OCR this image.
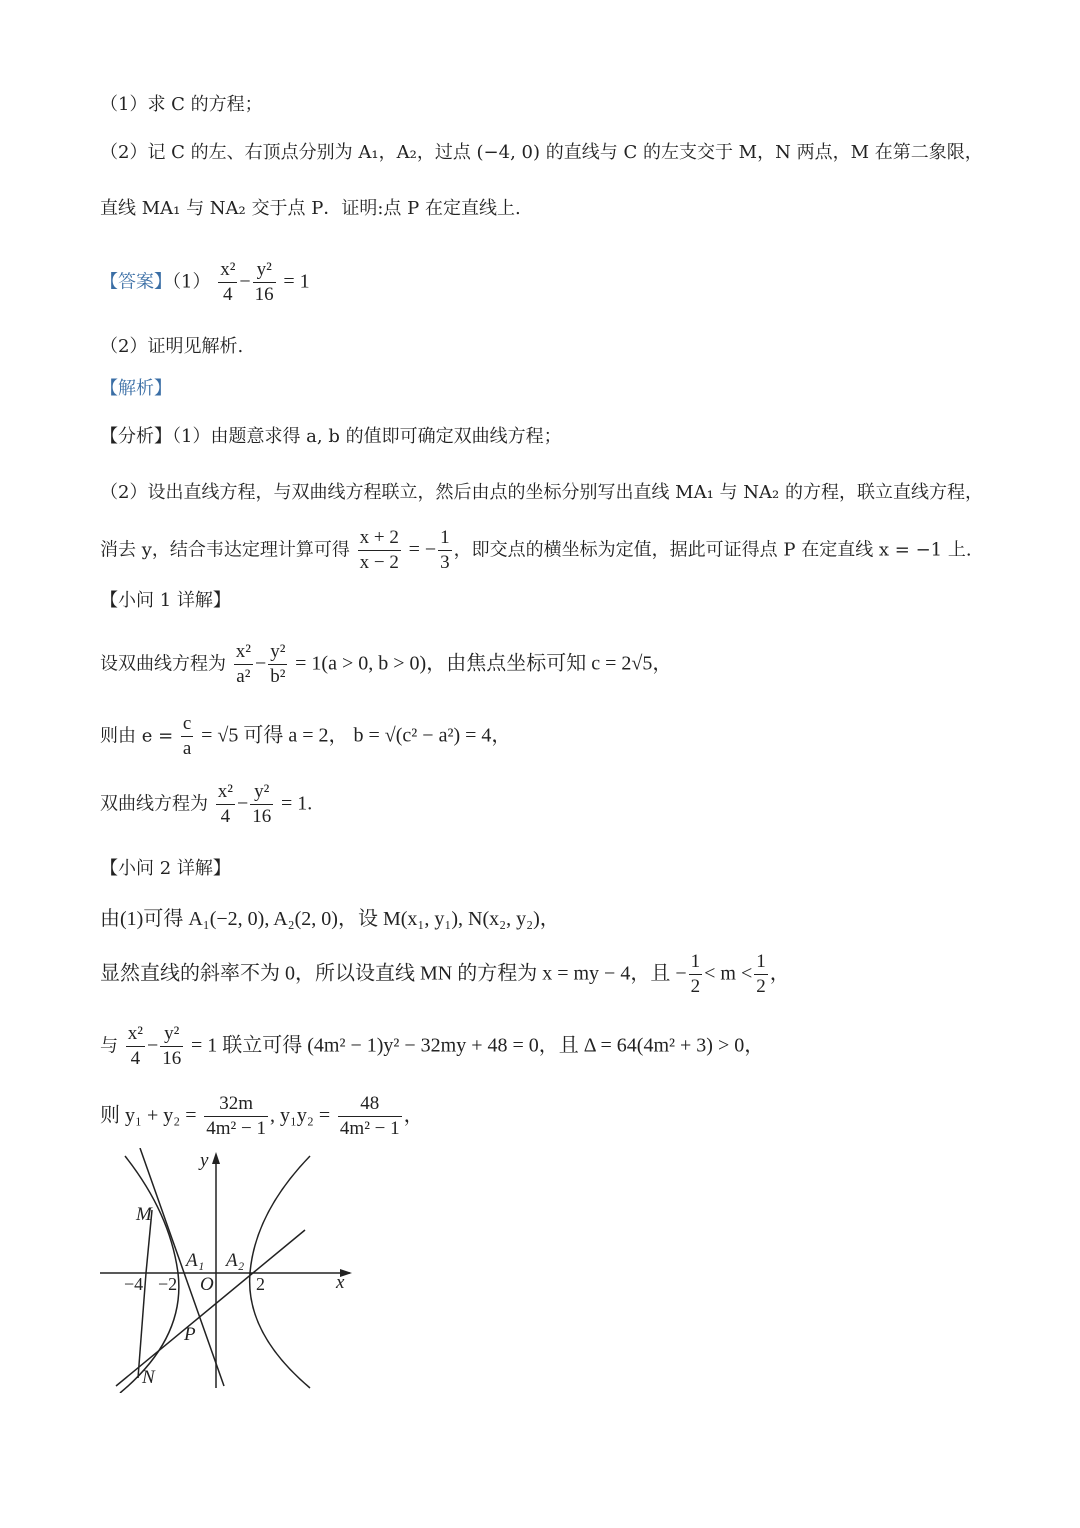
（1）求 C 的方程；
（2）记 C 的左、右顶点分别为 A₁，A₂，过点 (−4, 0) 的直线与 C 的左支交于 M，N 两点，M 在第二象限，
直线 MA₁ 与 NA₂ 交于点 P．证明:点 P 在定直线上.
【答案】$(1) \frac{\text{x²}}{4} - \frac{\text{y²}}{16} = 1$
（2）证明见解析.
【解析】
【分析】（1）由题意求得 a, b 的值即可确定双曲线方程；
（2）设出直线方程，与双曲线方程联立，然后由点的坐标分别写出直线 MA₁ 与 NA₂ 的方程，联立直线方程，
消去 y，结合韦达定理计算可得 $\frac{x + 2}{x - 2}$ = − $\frac{1}{3}$ ，即交点的横坐标为定值，据此可证得点 P 在定直线 x = −1 上.
【小问 1 详解】
设双曲线方程为 $\frac{\text{x²}}{\text{a²}} - \frac{\text{y²}}{\text{b²}} = 1(a > 0$, b > 0)，由焦点坐标可知 c = 2√5，
则由 $e = \frac{c}{a} = √5$ 可得 a = 2， b = √(c² − a²) = 4，
双曲线方程为 $\frac{\text{x²}}{4} - \frac{\text{y²}}{16} = 1$.
【小问 2 详解】
由(1)可得 A₁(−2, 0), A₂(2, 0)，设 M(x₁, y₁), N(x₂, y₂)，
显然直线的斜率不为 0，所以设直线 MN 的方程为 x = my − 4，且 − $\frac{1}{2} < m < \frac{1}{2}$ ，
与 $\frac{\text{x²}}{4} - \frac{\text{y²}}{16} = 1$ 联立可得 (4m² − 1)y² − 32my + 48 = 0，且 Δ = 64(4m² + 3) > 0，
则 $y_1 + y_2 = \frac{32m}{\text{4m² − 1}}$ , $y_1y_2 = \frac{48}{\text{4m² − 1}}$ ，
y
x
M
N
P
O
A₁ A₂
−4 −2	2
